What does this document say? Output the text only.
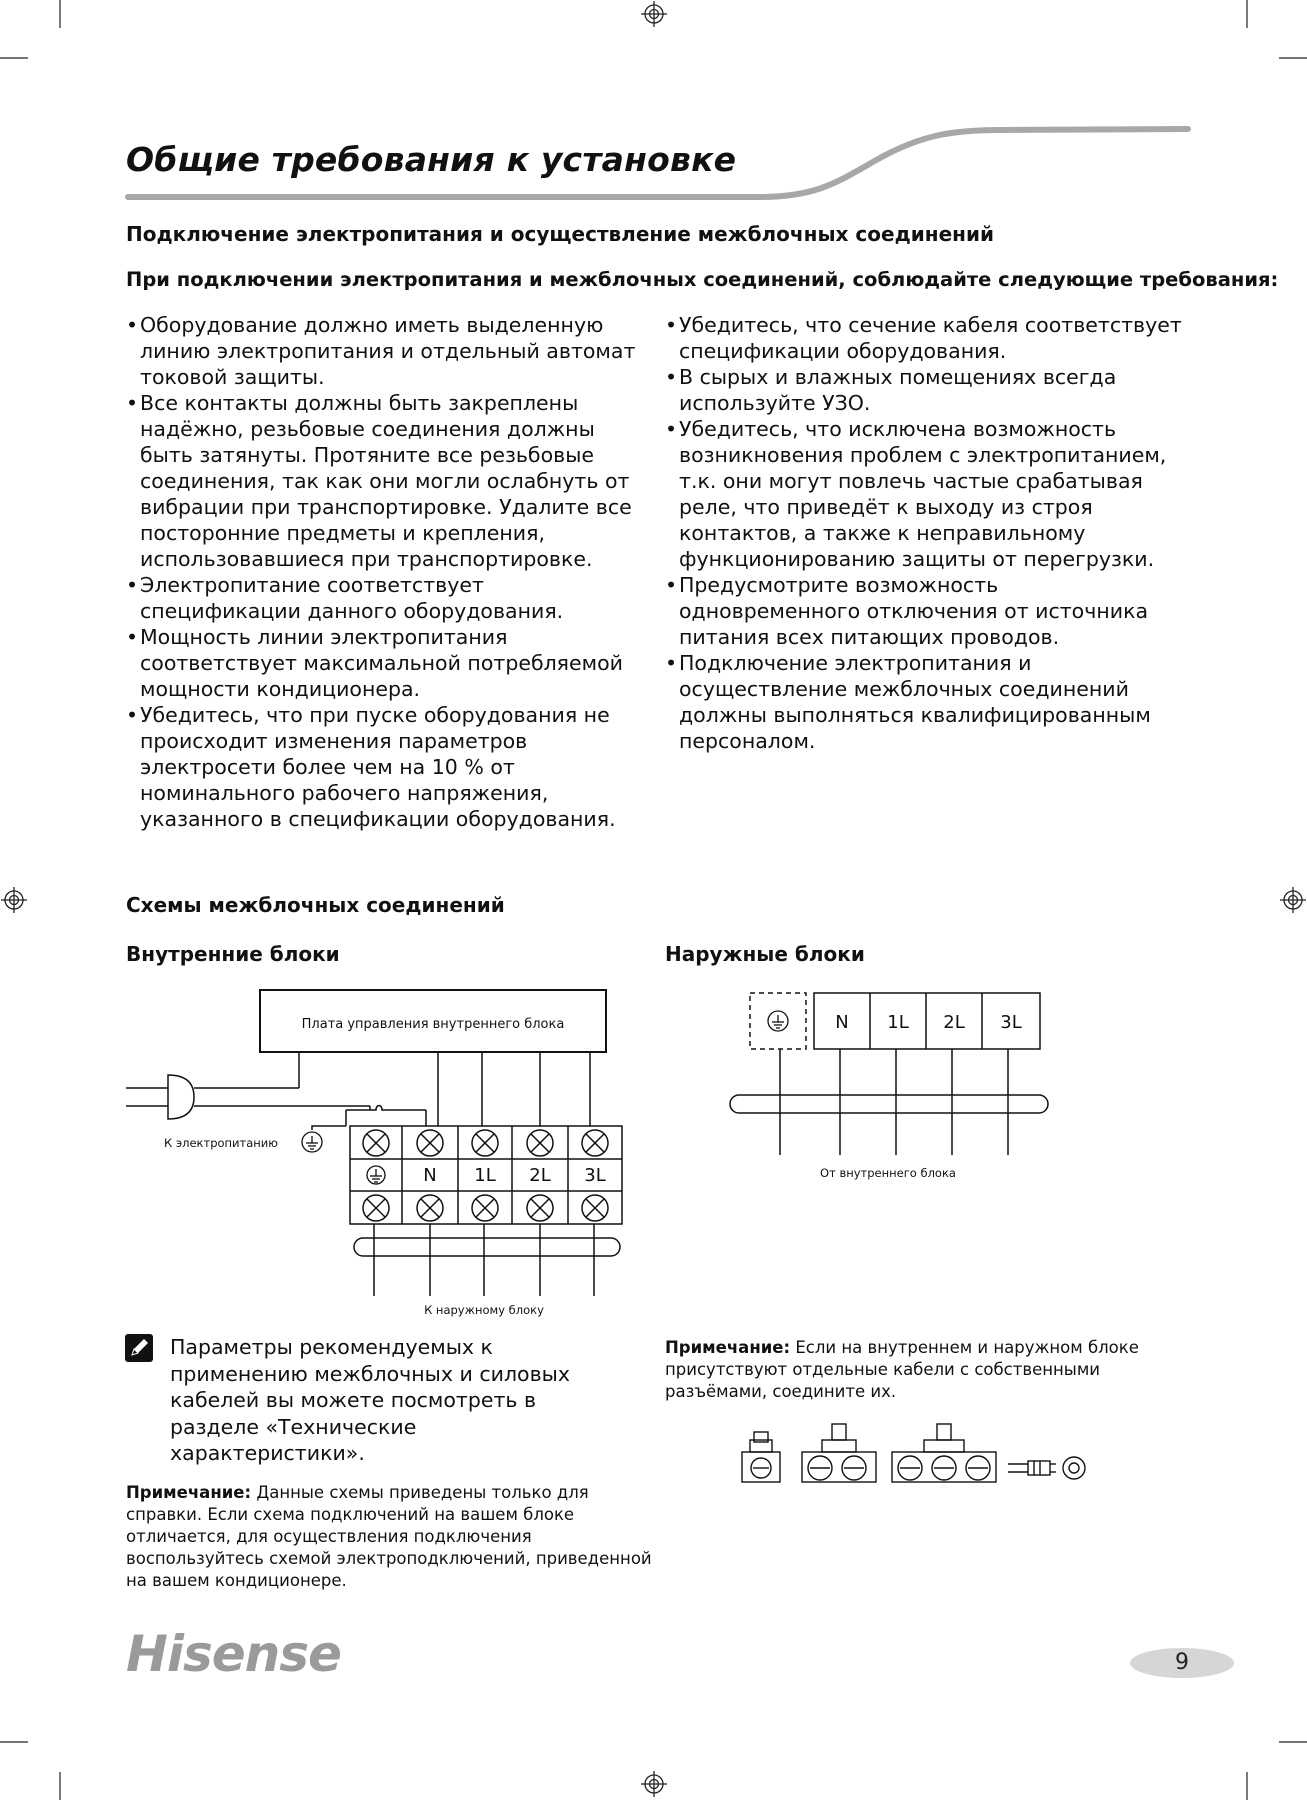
Общие требования к установке
Подключение электропитания и осуществление межблочных соединений
При подключении электропитания и межблочных соединений, соблюдайте следующие требования:
• Оборудование должно иметь выделенную линию электропитания и отдельный автомат токовой защиты.
• Все контакты должны быть закреплены надёжно, резьбовые соединения должны быть затянуты. Протяните все резьбовые соединения, так как они могли ослабнуть от вибрации при транспортировке. Удалите все посторонние предметы и крепления, использовавшиеся при транспортировке.
• Электропитание соответствует спецификации данного оборудования.
• Мощность линии электропитания соответствует максимальной потребляемой мощности кондиционера.
• Убедитесь, что при пуске оборудования не происходит изменения параметров электросети более чем на 10 % от номинального рабочего напряжения, указанного в спецификации оборудования.
• Убедитесь, что сечение кабеля соответствует спецификации оборудования.
• В сырых и влажных помещениях всегда используйте УЗО.
• Убедитесь, что исключена возможность возникновения проблем с электропитанием, т.к. они могут повлечь частые срабатывая реле, что приведёт к выходу из строя контактов, а также к неправильному функционированию защиты от перегрузки.
• Предусмотрите возможность одновременного отключения от источника питания всех питающих проводов.
• Подключение электропитания и осуществление межблочных соединений должны выполняться квалифицированным персоналом.
Схемы межблочных соединений
Внутренние блоки	Наружные блоки
Плата управления внутреннего блока
К электропитанию
N 1L 2L 3L
К наружному блоку
N 1L 2L 3L
От внутреннего блока
Параметры рекомендуемых к применению межблочных и силовых кабелей вы можете посмотреть в разделе «Технические характеристики».
Примечание: Данные схемы приведены только для справки. Если схема подключений на вашем блоке отличается, для осуществления подключения воспользуйтесь схемой электроподключений, приведенной на вашем кондиционере.
Примечание: Если на внутреннем и наружном блоке присутствуют отдельные кабели с собственными разъёмами, соедините их.
Hisense	9
